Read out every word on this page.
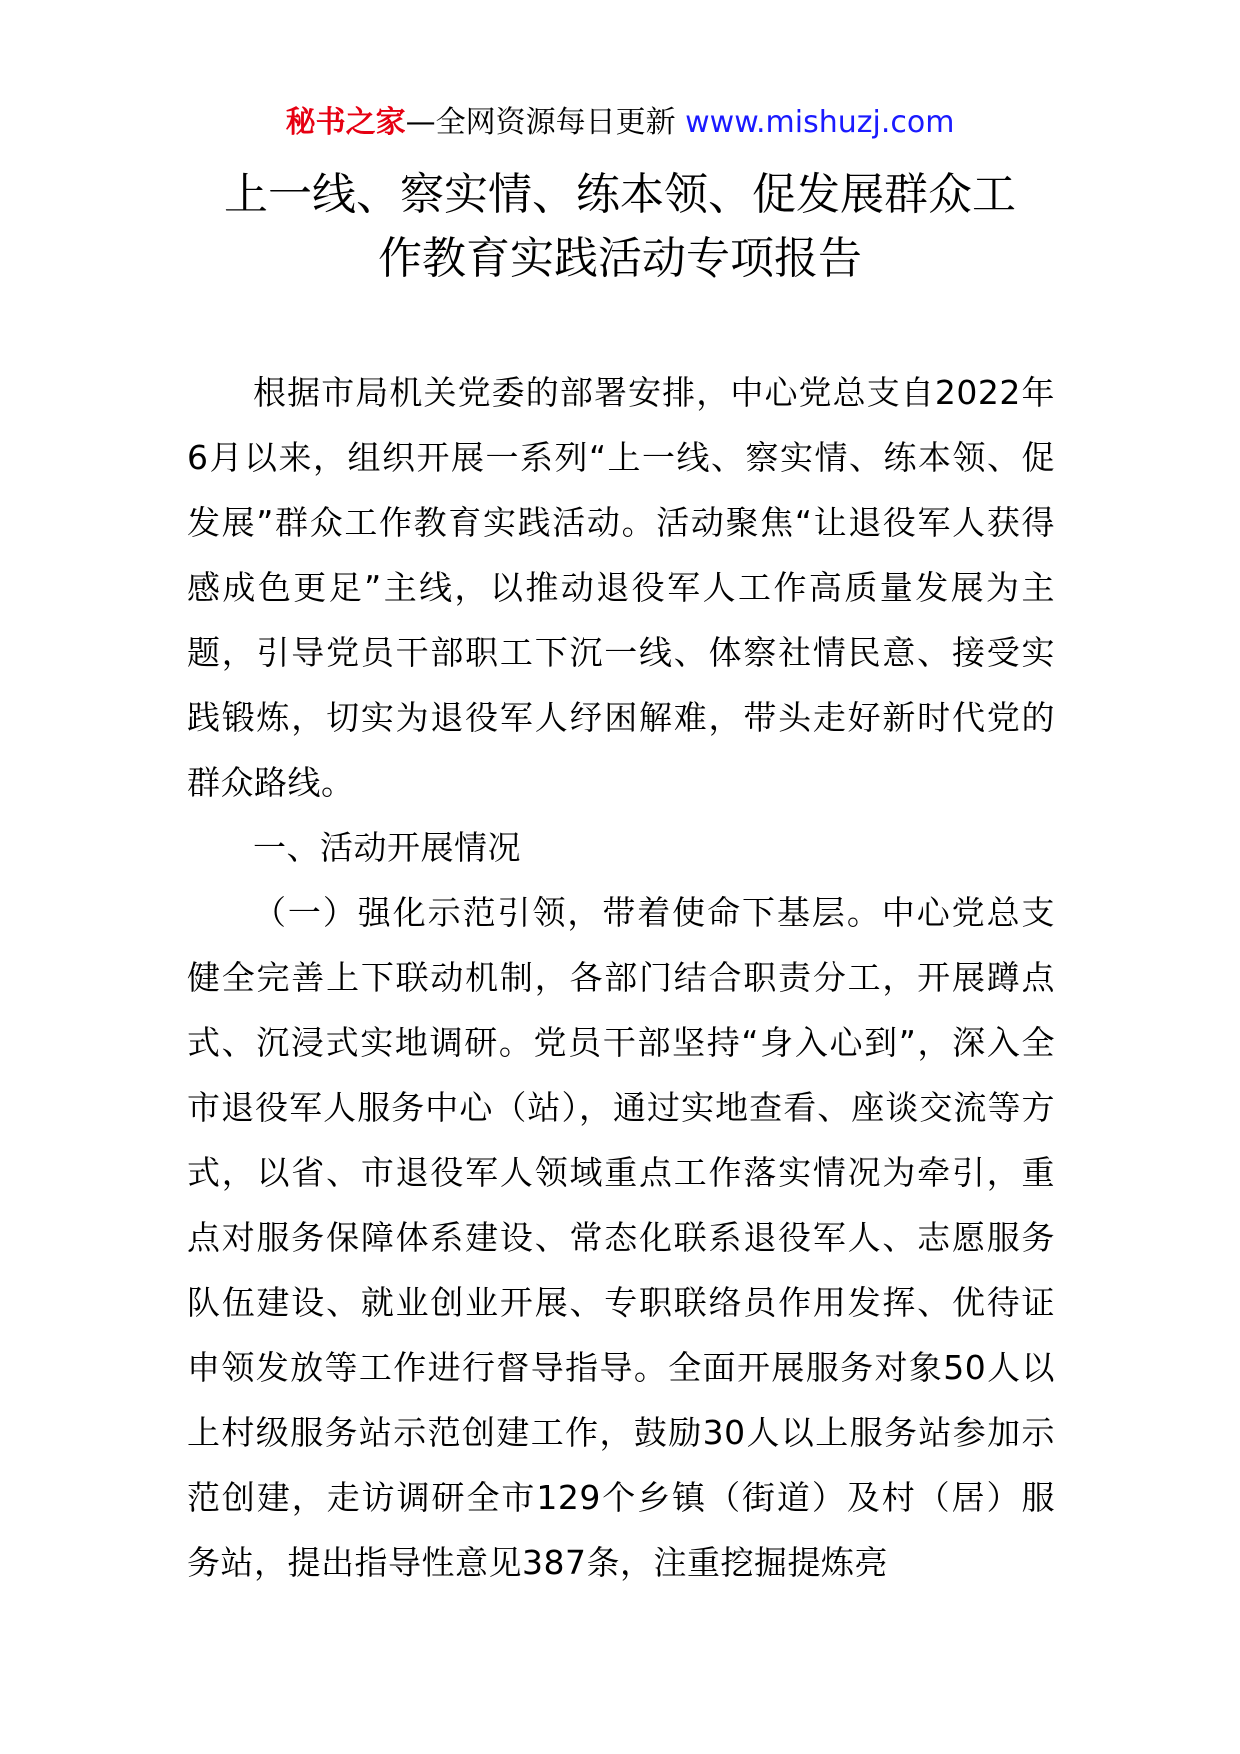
秘书之家—全网资源每日更新 www.mishuzj.com
上一线、察实情、练本领、促发展群众工
作教育实践活动专项报告

根据市局机关党委的部署安排，中心党总支自2022年6月以来，组织开展一系列“上一线、察实情、练本领、促发展”群众工作教育实践活动。活动聚焦“让退役军人获得感成色更足”主线，以推动退役军人工作高质量发展为主题，引导党员干部职工下沉一线、体察社情民意、接受实践锻炼，切实为退役军人纾困解难，带头走好新时代党的群众路线。

一、活动开展情况

（一）强化示范引领，带着使命下基层。中心党总支健全完善上下联动机制，各部门结合职责分工，开展蹲点式、沉浸式实地调研。党员干部坚持“身入心到”，深入全市退役军人服务中心（站），通过实地查看、座谈交流等方式，以省、市退役军人领域重点工作落实情况为牵引，重点对服务保障体系建设、常态化联系退役军人、志愿服务队伍建设、就业创业开展、专职联络员作用发挥、优待证申领发放等工作进行督导指导。全面开展服务对象50人以上村级服务站示范创建工作，鼓励30人以上服务站参加示范创建，走访调研全市129个乡镇（街道）及村（居）服务站，提出指导性意见387条，注重挖掘提炼亮
